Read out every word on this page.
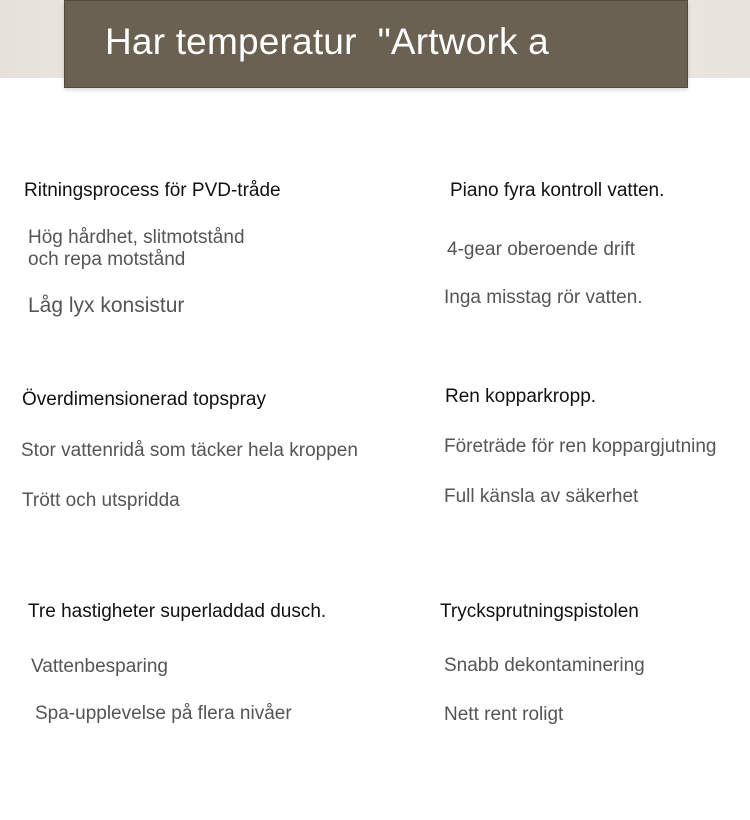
Har temperatur  "Artwork a
Ritningsprocess för PVD-tråde
Hög hårdhet, slitmotstånd
och repa motstånd
Låg lyx konsistur
Piano fyra kontroll vatten.
4-gear oberoende drift
Inga misstag rör vatten.
Överdimensionerad topspray
Stor vattenridå som täcker hela kroppen
Trött och utspridda
Ren kopparkropp.
Företräde för ren koppargjutning
Full känsla av säkerhet
Tre hastigheter superladdad dusch.
Vattenbesparing
Spa-upplevelse på flera nivåer
Trycksprutningspistolen
Snabb dekontaminering
Nett rent roligt
